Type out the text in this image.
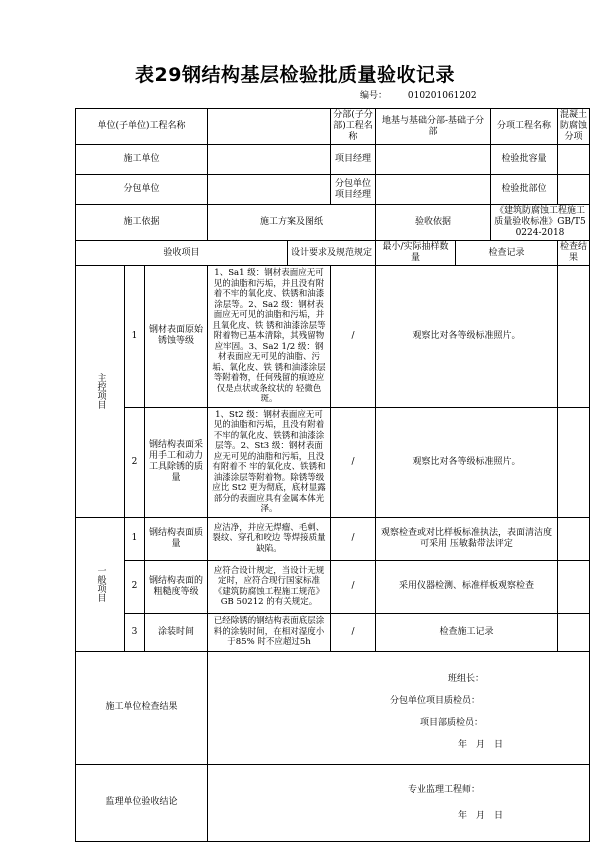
表29钢结构基层检验批质量验收记录
编号： 010201061202
单位(子单位)工程名称					分部(子分部)工程名称	地基与基础分部-基础子分部		分项工程名称	混凝土防腐蚀分项
施工单位					项目经理			检验批容量	
分包单位					分包单位项目经理			检验批部位	
施工依据			施工方案及图纸			验收依据		《建筑防腐蚀工程施工质量验收标准》GB/T50224-2018	
验收项目				设计要求及规范规定		最小/实际抽样数量	检查记录		检查结果

主控项目	1	钢材表面原始锈蚀等级	1、Sa1 级：钢材表面应无可见的油脂和污垢，并且没有附着不牢的氧化皮、铁锈和油漆涂层等。2、Sa2 级：钢材表面应无可见的油脂和污垢，并且氧化皮、铁 锈和油漆涂层等附着物已基本清除，其残留物应牢固。3、Sa2 1/2 级：钢材表面应无可见的油脂、污垢、氧化皮、铁 锈和油漆涂层等附着物，任何残留的痕迹应仅是点状或条纹状的 轻微色斑。		/	观察比对各等级标准照片。			
	2	钢结构表面采用手工和动力工具除锈的质量	1、St2 级：钢材表面应无可见的油脂和污垢，且没有附着不牢的氧化皮、铁锈和油漆涂层等。2、St3 级：钢材表面应无可见的油脂和污垢，且没有附着不 牢的氧化皮、铁锈和油漆涂层等附着物。除锈等级应比 St2 更为彻底，底材显露部分的表面应具有金属本体光泽。		/	观察比对各等级标准照片。			

一般项目	1	钢结构表面质量	应洁净，并应无焊瘤、毛刺、裂纹、穿孔和咬边 等焊接质量缺陷。		/	观察检查或对比样板标准执法，表面清洁度可采用 压敏黏带法评定			
	2	钢结构表面的粗糙度等级	应符合设计规定，当设计无规定时，应符合现行国家标准《建筑防腐蚀工程施工规范》GB 50212 的有关规定。		/	采用仪器检测、标准样板观察检查			
	3	涂装时间	已经除锈的钢结构表面底层涂料的涂装时间，在相对湿度小于85% 时不应超过5h		/	检查施工记录			
施工单位检查结果			班组长：
分包单位项目质检员：
项目部质检员：
年　月　日						

监理单位验收结论			专业监理工程师：
年　月　日						
